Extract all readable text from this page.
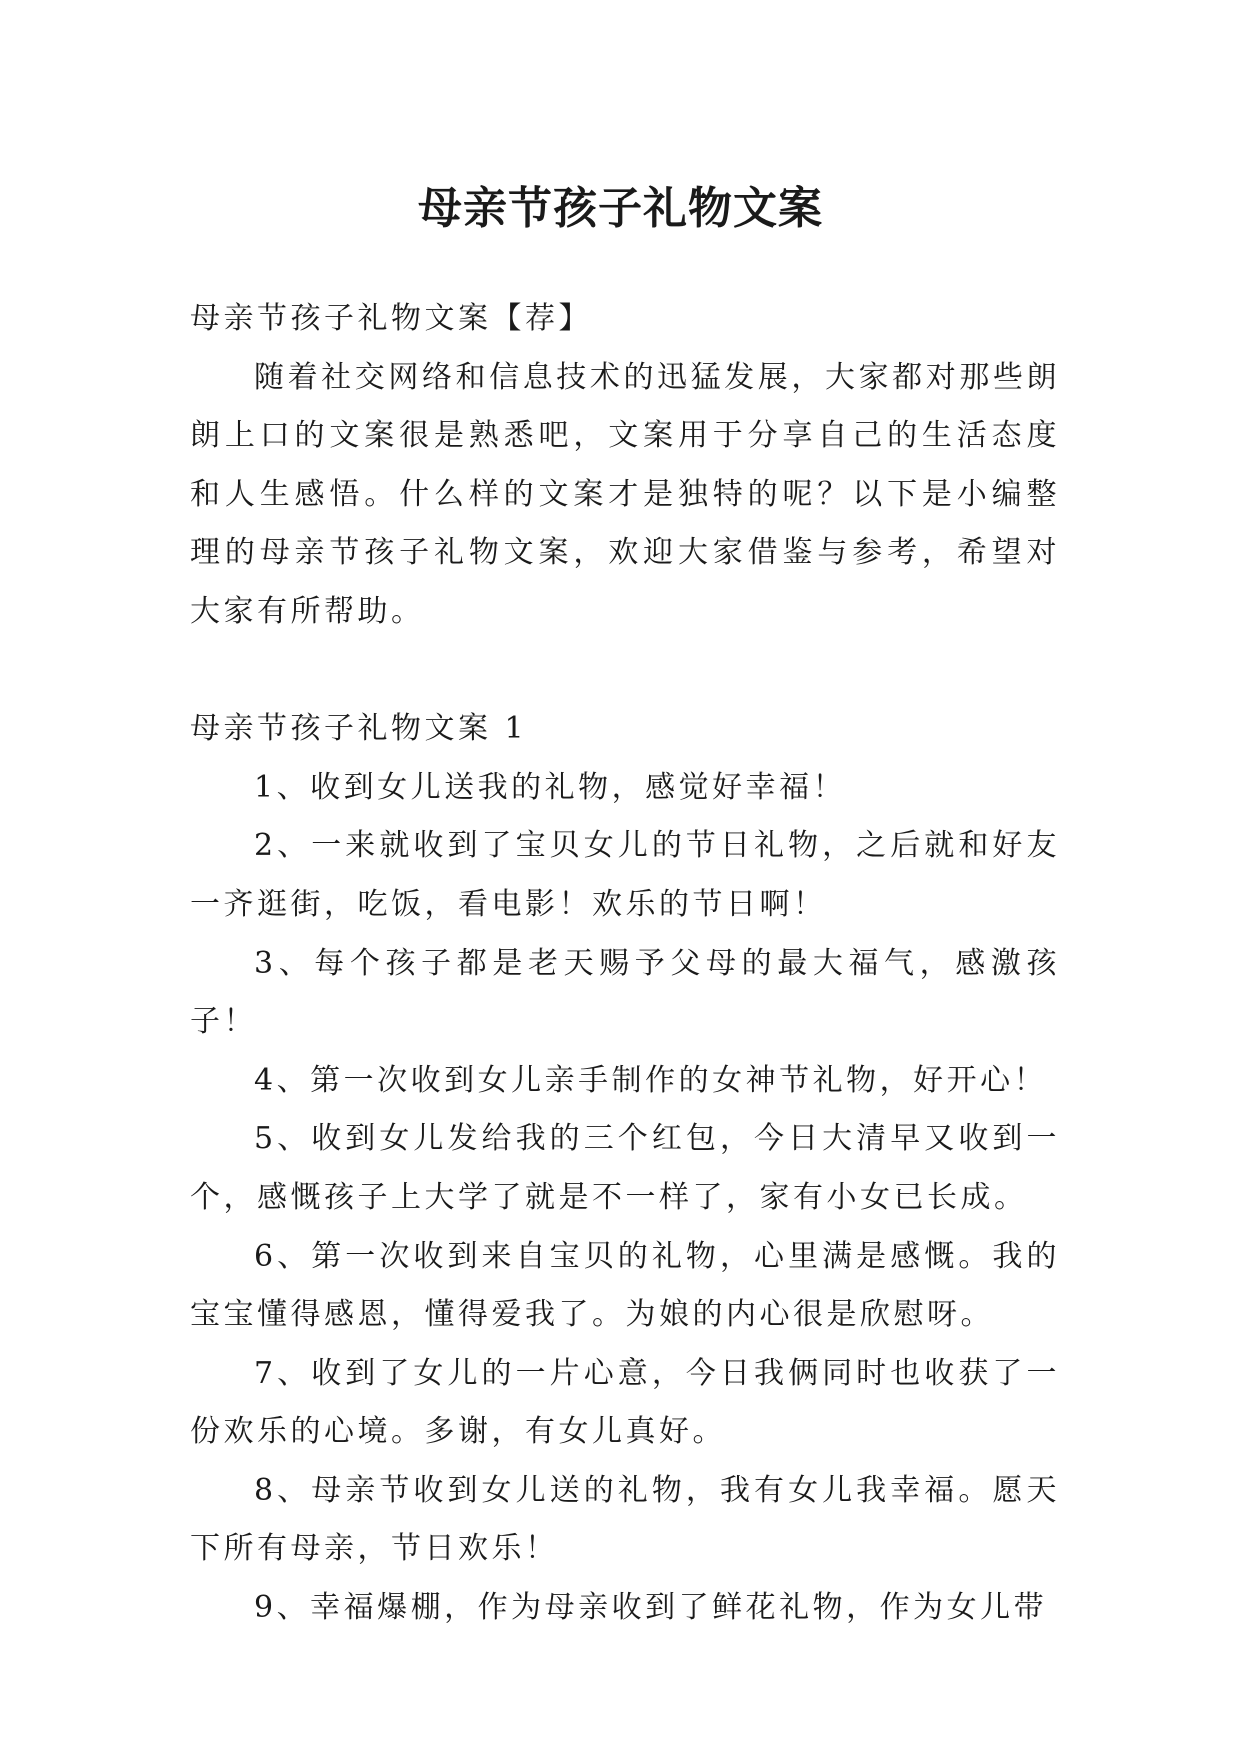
母亲节孩子礼物文案

母亲节孩子礼物文案【荐】

随着社交网络和信息技术的迅猛发展，大家都对那些朗朗上口的文案很是熟悉吧，文案用于分享自己的生活态度和人生感悟。什么样的文案才是独特的呢？以下是小编整理的母亲节孩子礼物文案，欢迎大家借鉴与参考，希望对大家有所帮助。

母亲节孩子礼物文案 1

1、收到女儿送我的礼物，感觉好幸福！

2、一来就收到了宝贝女儿的节日礼物，之后就和好友一齐逛街，吃饭，看电影！欢乐的节日啊！

3、每个孩子都是老天赐予父母的最大福气，感激孩子！

4、第一次收到女儿亲手制作的女神节礼物，好开心！

5、收到女儿发给我的三个红包，今日大清早又收到一个，感慨孩子上大学了就是不一样了，家有小女已长成。

6、第一次收到来自宝贝的礼物，心里满是感慨。我的宝宝懂得感恩，懂得爱我了。为娘的内心很是欣慰呀。

7、收到了女儿的一片心意，今日我俩同时也收获了一份欢乐的心境。多谢，有女儿真好。

8、母亲节收到女儿送的礼物，我有女儿我幸福。愿天下所有母亲，节日欢乐！

9、幸福爆棚，作为母亲收到了鲜花礼物，作为女儿带
